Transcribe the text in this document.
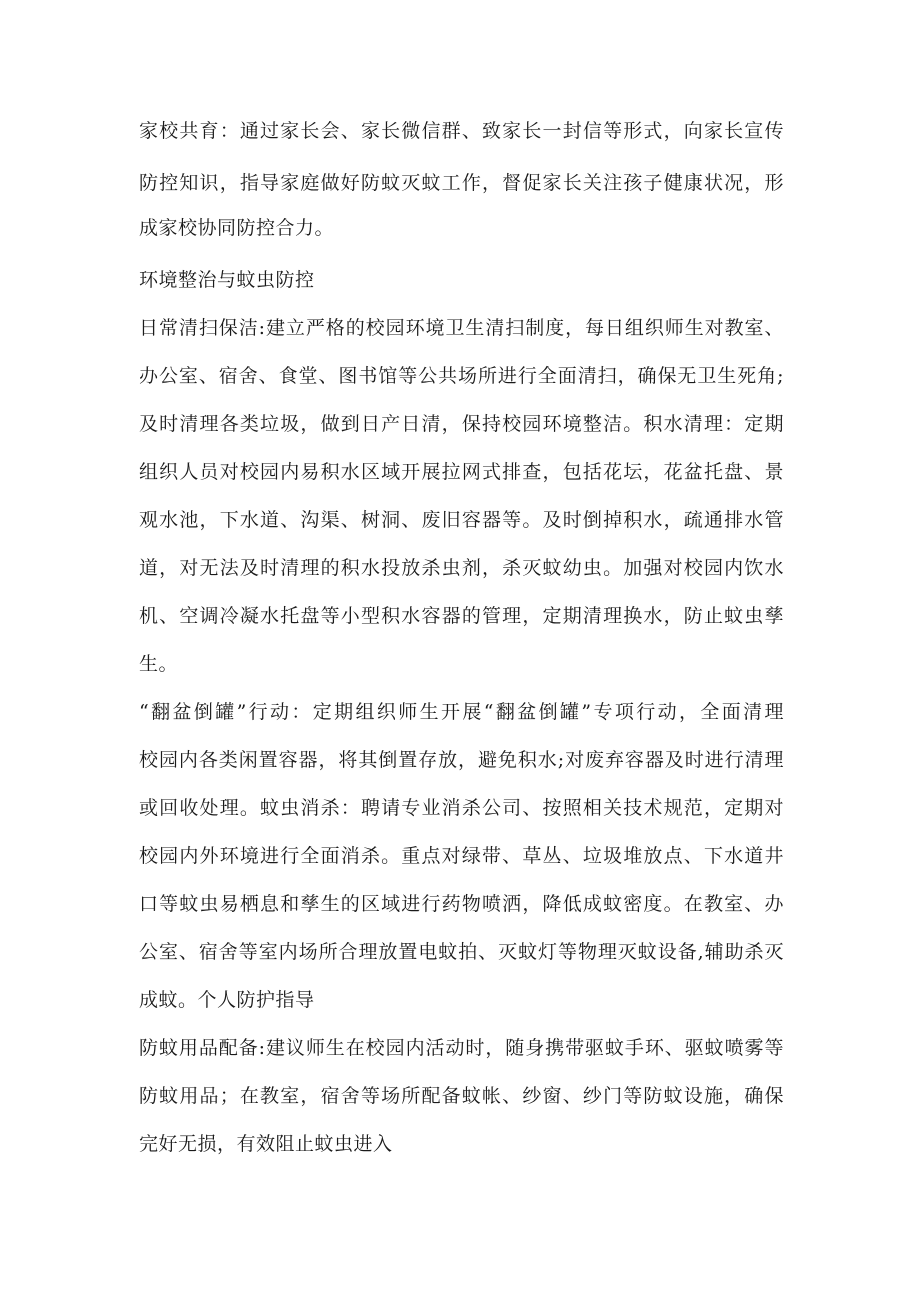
家校共育：通过家长会、家长微信群、致家长一封信等形式，向家长宣传
防控知识，指导家庭做好防蚊灭蚊工作，督促家长关注孩子健康状况，形
成家校协同防控合力。
环境整治与蚊虫防控
日常清扫保洁:建立严格的校园环境卫生清扫制度，每日组织师生对教室、
办公室、宿舍、食堂、图书馆等公共场所进行全面清扫，确保无卫生死角;
及时清理各类垃圾，做到日产日清，保持校园环境整洁。积水清理：定期
组织人员对校园内易积水区域开展拉网式排查，包括花坛，花盆托盘、景
观水池，下水道、沟渠、树洞、废旧容器等。及时倒掉积水，疏通排水管
道，对无法及时清理的积水投放杀虫剂，杀灭蚊幼虫。加强对校园内饮水
机、空调冷凝水托盘等小型积水容器的管理，定期清理换水，防止蚊虫孳
生。
“翻盆倒罐”行动：定期组织师生开展“翻盆倒罐”专项行动，全面清理
校园内各类闲置容器，将其倒置存放，避免积水;对废弃容器及时进行清理
或回收处理。蚊虫消杀：聘请专业消杀公司、按照相关技术规范，定期对
校园内外环境进行全面消杀。重点对绿带、草丛、垃圾堆放点、下水道井
口等蚊虫易栖息和孳生的区域进行药物喷洒，降低成蚊密度。在教室、办
公室、宿舍等室内场所合理放置电蚊拍、灭蚊灯等物理灭蚊设备,辅助杀灭
成蚊。个人防护指导
防蚊用品配备:建议师生在校园内活动时，随身携带驱蚊手环、驱蚊喷雾等
防蚊用品；在教室，宿舍等场所配备蚊帐、纱窗、纱门等防蚊设施，确保
完好无损，有效阻止蚊虫进入
